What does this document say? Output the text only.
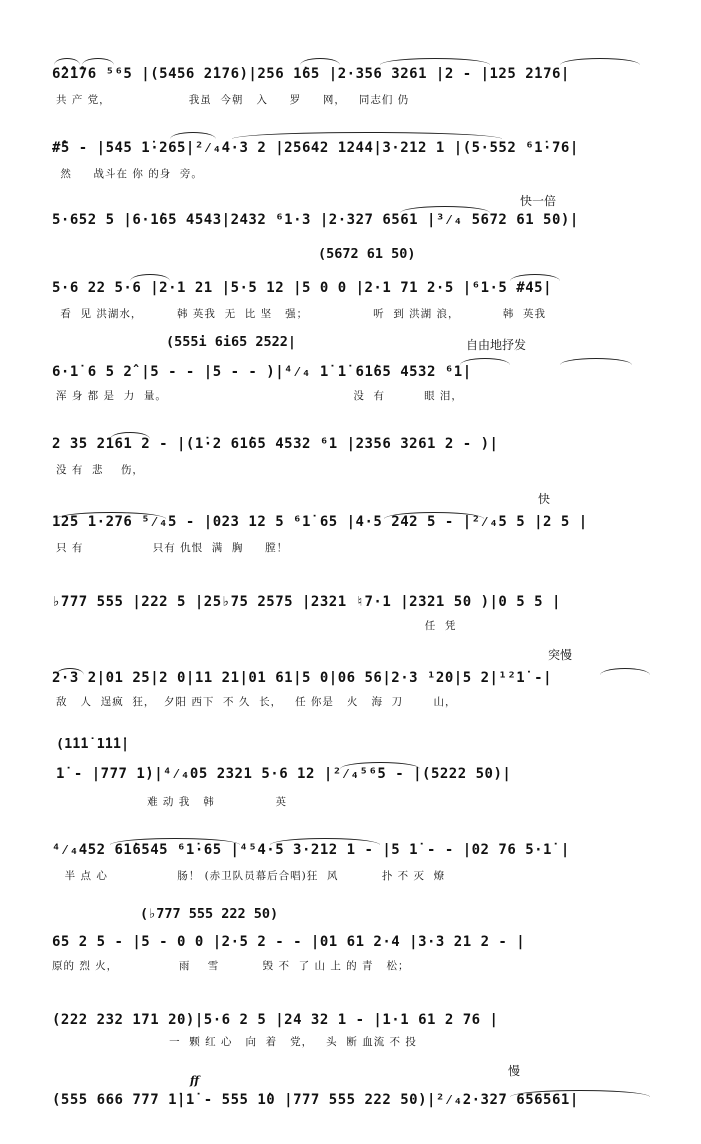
6̂2̂1̂76 ⁵⁶5 |(5456 2̇176)|256 1̇65 |2·356 3261 |2 - |125 2̇176|
共 产 党，                  我虽  今朝   入     罗     网，   同志们 仍
#̂5 - |545 1̇·265|²⁄₄4·3 2 |25642 1244|3·212 1 |(5·552 ⁶1̇·76|
然     战斗在 你 的身  旁。
快一倍
5·652 5 |6·1̇65 4543|2432 ⁶1·3 |2·327 6561 |³⁄₄ 5672 61 50)|
(5672 61 50)
5·6 22 5·6 |2·1 21 |5·5 12 |5 0 0 |2·1 71 2·5 |⁶1·5 #45|
看  见 洪湖水，        韩 英我  无  比 坚   强；               听  到 洪湖 浪，          韩  英我
(555i 6i65 2522|	自由地抒发
6·1̇ 6 5 2̂ |5 - - |5 - - )|⁴⁄₄ 1̇ 1̇ 61̇65 4532 ⁶1|
浑 身 都 是  力  量。                                           没  有         眼 泪，
2 35 2161 2 - |(1̇·2 61̇65 4532 ⁶1 |2356 3261 2 - )|
没 有  悲    伤，
快
125 1·276 ⁵⁄₄5 - |023 12 5 ⁶1̇ 65 |4·5 242 5 - |²⁄₄5 5 |2 5 |
只 有                只有 仇恨  满  胸     膛！
♭777 555 |222 5 |25♭75 2575 |2321 ♮7·1 |2321 50 )|0 5 5 |
任  凭
突慢
2·3 2|01 25|2 0|11 21|01 61|5 0|06 56|2·3 ¹20|5 2|¹²1̇ -|
敌   人  逞疯  狂，  夕阳 西下  不 久  长，   任 你是   火   海  刀       山，
(1̇1̇1̇ 1̇1̇1̇|
1̇ - |777 1̇)|⁴⁄₄05 2321 5·6 12 |²⁄₄⁵⁶5 - |(5222 50)|
难 动 我   韩              英
⁴⁄₄452 61̇6545 ⁶1̇·65 |⁴⁵4·5 3·212 1 - |5 1̇ - - |02 76 5·1̇ |
半 点 心                肠！ (赤卫队员幕后合唱)狂  风          扑 不 灭  燎
(♭777 555 222 50)
65 2 5 - |5 - 0 0 |2·5 2 - - |01 61 2·4 |3·3 21 2 - |
原的 烈 火，              雨    雪          毁 不  了 山 上 的 青   松；
(222 232 171 20)|5·6 2 5 |24 32 1 - |1·1 61 2 76 |
一  颗 红 心   向  着   党，   头  断 血流 不 投
慢
ff
(555 666 777 1̇|1̇ - 555 1̇0 |777 555 222 50)|²⁄₄2·327 656561|
